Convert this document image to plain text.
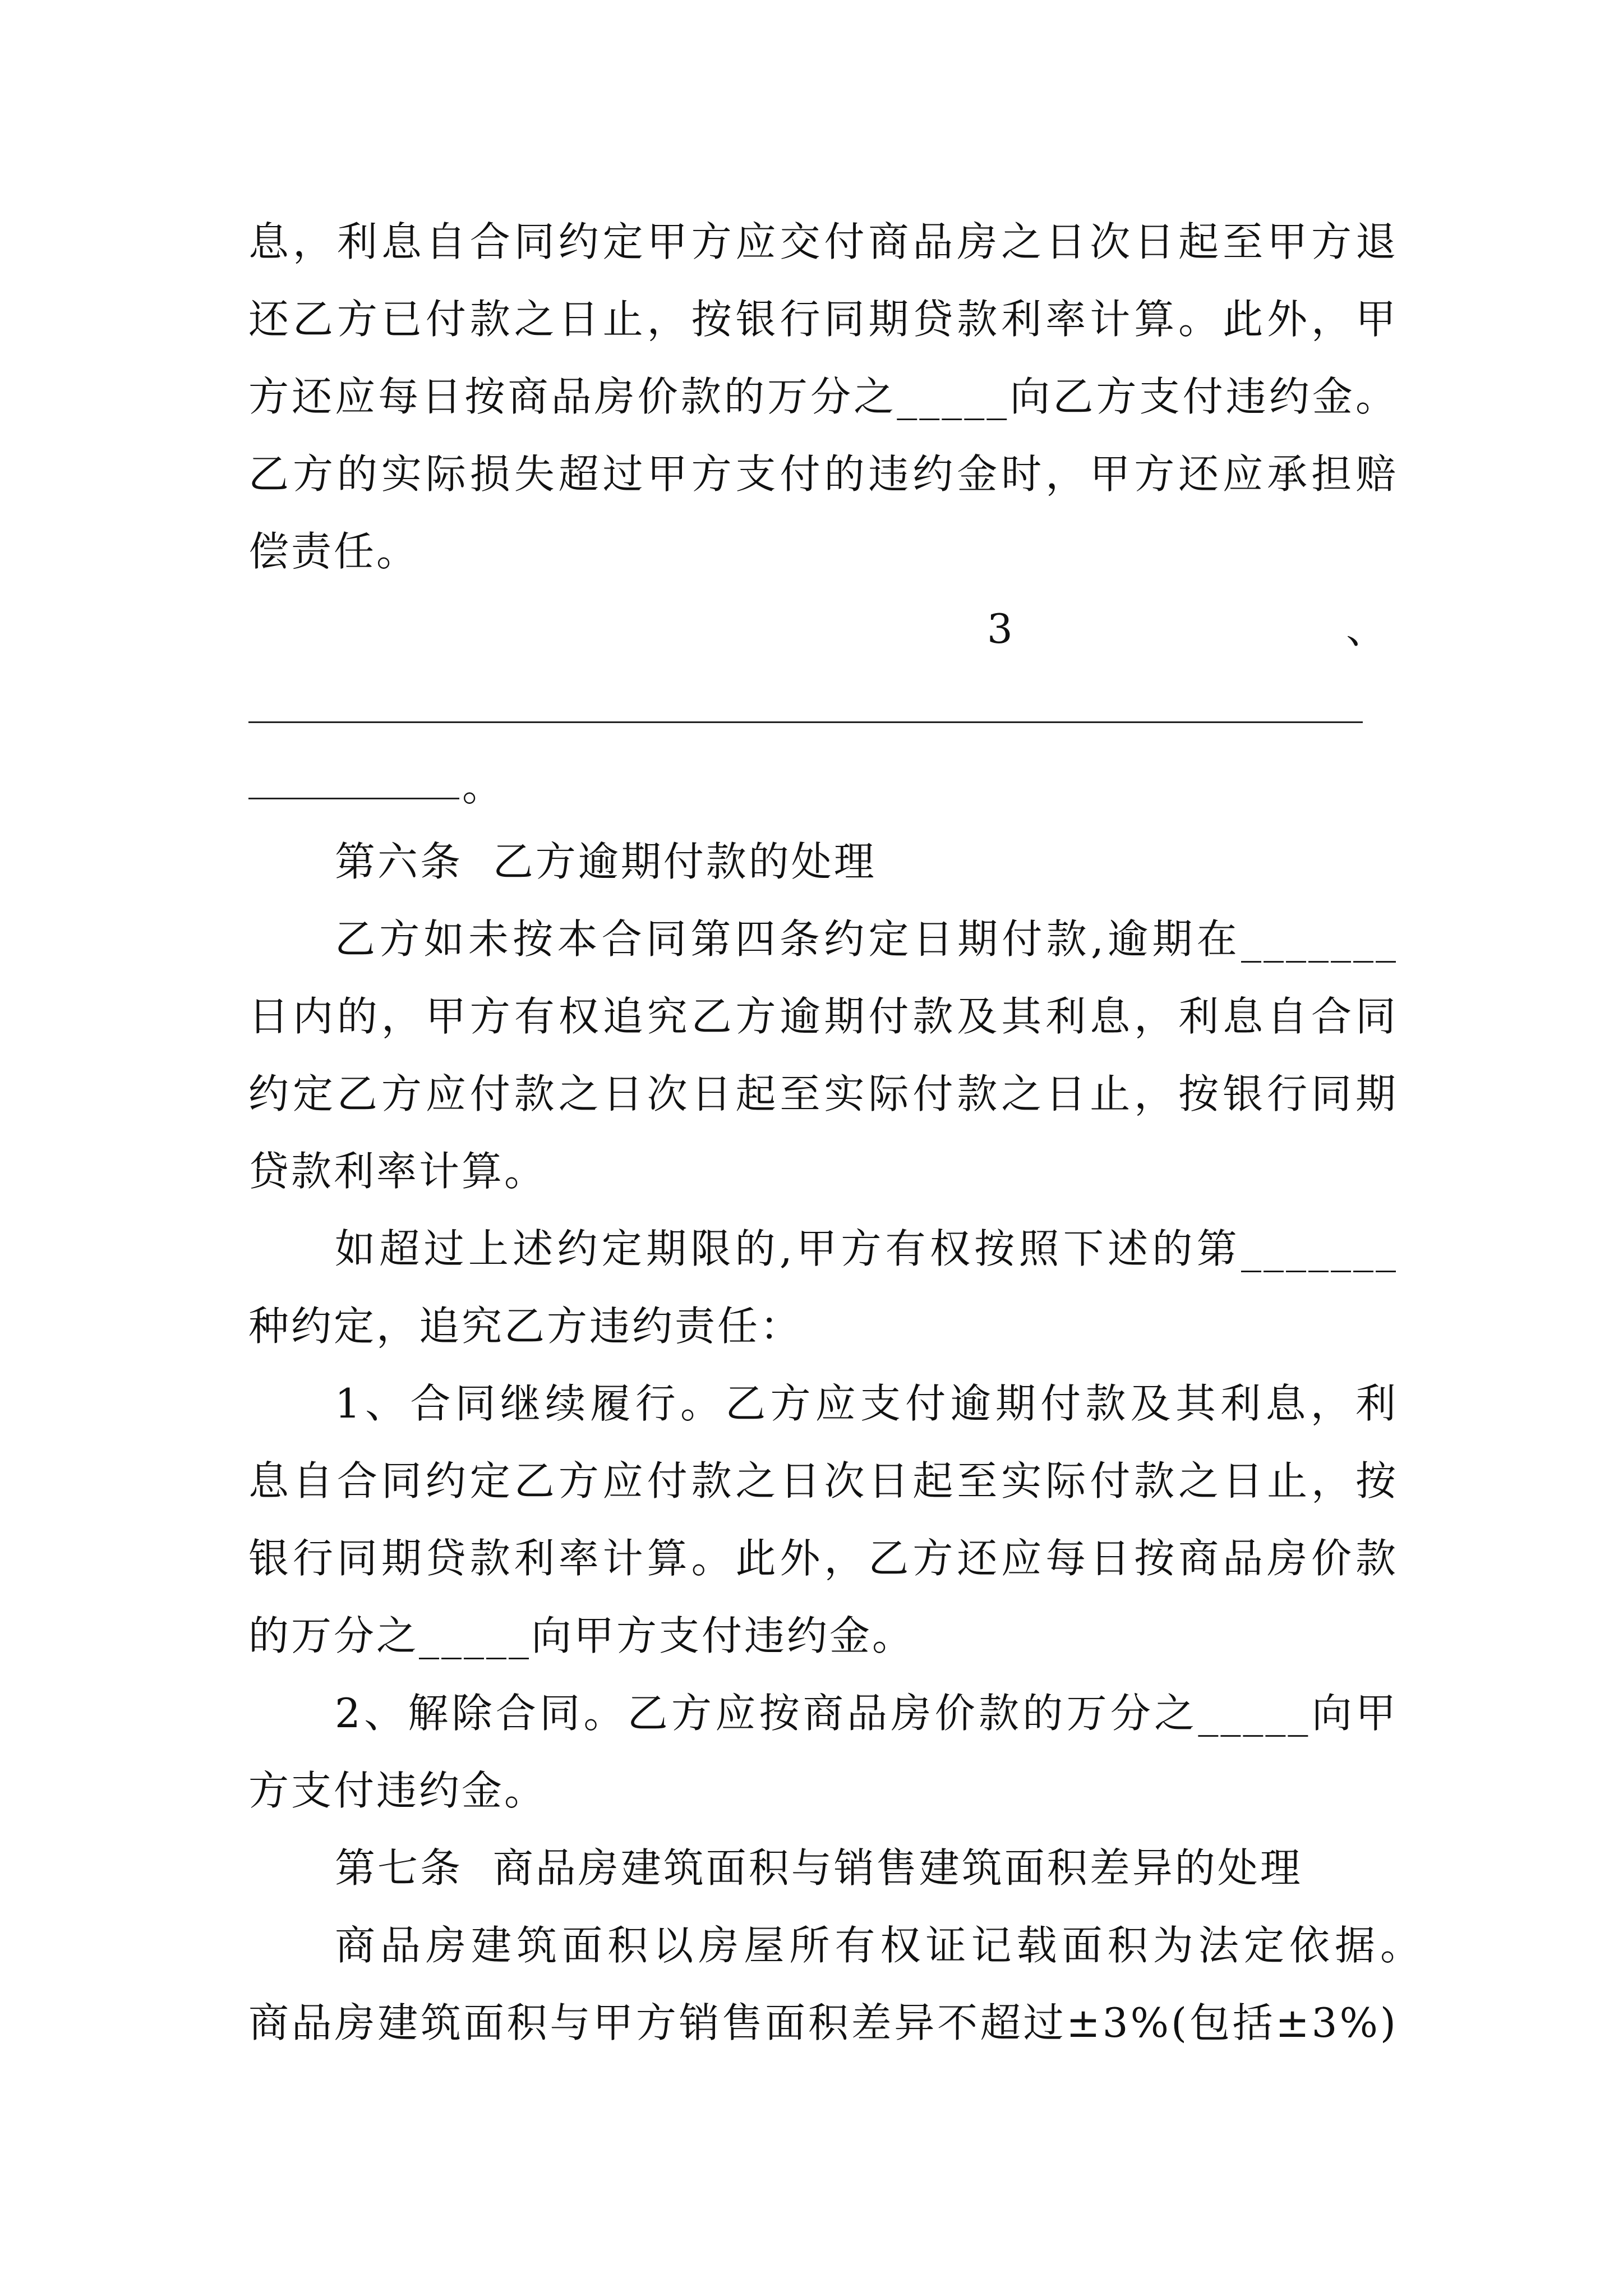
息，利息自合同约定甲方应交付商品房之日次日起至甲方退
还乙方已付款之日止，按银行同期贷款利率计算。此外，甲
方还应每日按商品房价款的万分之_____向乙方支付违约金。
乙方的实际损失超过甲方支付的违约金时，甲方还应承担赔
偿责任。
3	、
。
第六条  乙方逾期付款的处理
乙方如未按本合同第四条约定日期付款,逾期在_______
日内的，甲方有权追究乙方逾期付款及其利息，利息自合同
约定乙方应付款之日次日起至实际付款之日止，按银行同期
贷款利率计算。
如超过上述约定期限的,甲方有权按照下述的第_______
种约定，追究乙方违约责任：
1、合同继续履行。乙方应支付逾期付款及其利息，利
息自合同约定乙方应付款之日次日起至实际付款之日止，按
银行同期贷款利率计算。此外，乙方还应每日按商品房价款
的万分之_____向甲方支付违约金。
2、解除合同。乙方应按商品房价款的万分之_____向甲
方支付违约金。
第七条  商品房建筑面积与销售建筑面积差异的处理
商品房建筑面积以房屋所有权证记载面积为法定依据。
商品房建筑面积与甲方销售面积差异不超过±3%(包括±3%)
